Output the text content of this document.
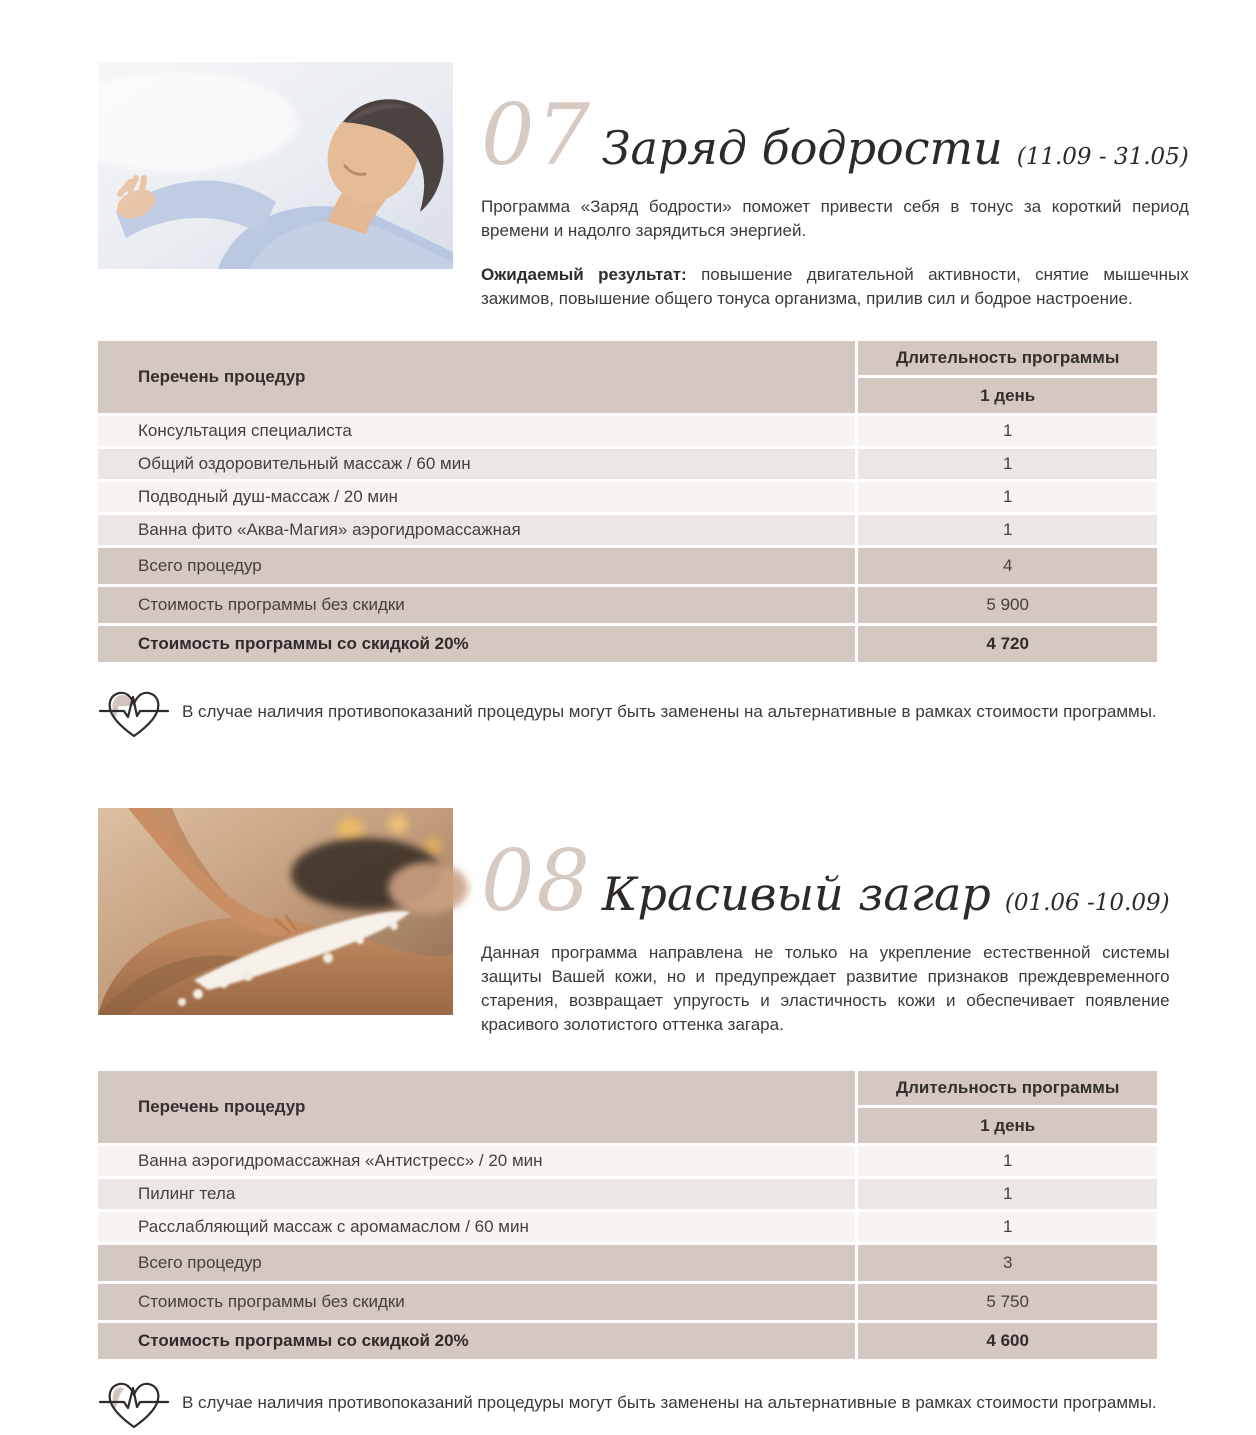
07 Заряд бодрости (11.09 - 31.05)

Программа «Заряд бодрости» поможет привести себя в тонус за короткий период времени и надолго зарядиться энергией.

Ожидаемый результат: повышение двигательной активности, снятие мышечных зажимов, повышение общего тонуса организма, прилив сил и бодрое настроение.

Перечень процедур
Длительность программы
1 день
Консультация специалиста	1
Общий оздоровительный массаж / 60 мин	1
Подводный душ-массаж / 20 мин	1
Ванна фито «Аква-Магия» аэрогидромассажная	1
Всего процедур	4
Стоимость программы без скидки	5 900
Стоимость программы со скидкой 20%	4 720
В случае наличия противопоказаний процедуры могут быть заменены на альтернативные в рамках стоимости программы.
08 Красивый загар (01.06 -10.09)

Данная программа направлена не только на укрепление естественной системы защиты Вашей кожи, но и предупреждает развитие признаков преждевременного старения, возвращает упругость и эластичность кожи и обеспечивает появление красивого золотистого оттенка загара.

Перечень процедур
Длительность программы
1 день
Ванна аэрогидромассажная «Антистресс» / 20 мин	1
Пилинг тела	1
Расслабляющий массаж с аромамаслом / 60 мин	1
Всего процедур	3
Стоимость программы без скидки	5 750
Стоимость программы со скидкой 20%	4 600
В случае наличия противопоказаний процедуры могут быть заменены на альтернативные в рамках стоимости программы.
